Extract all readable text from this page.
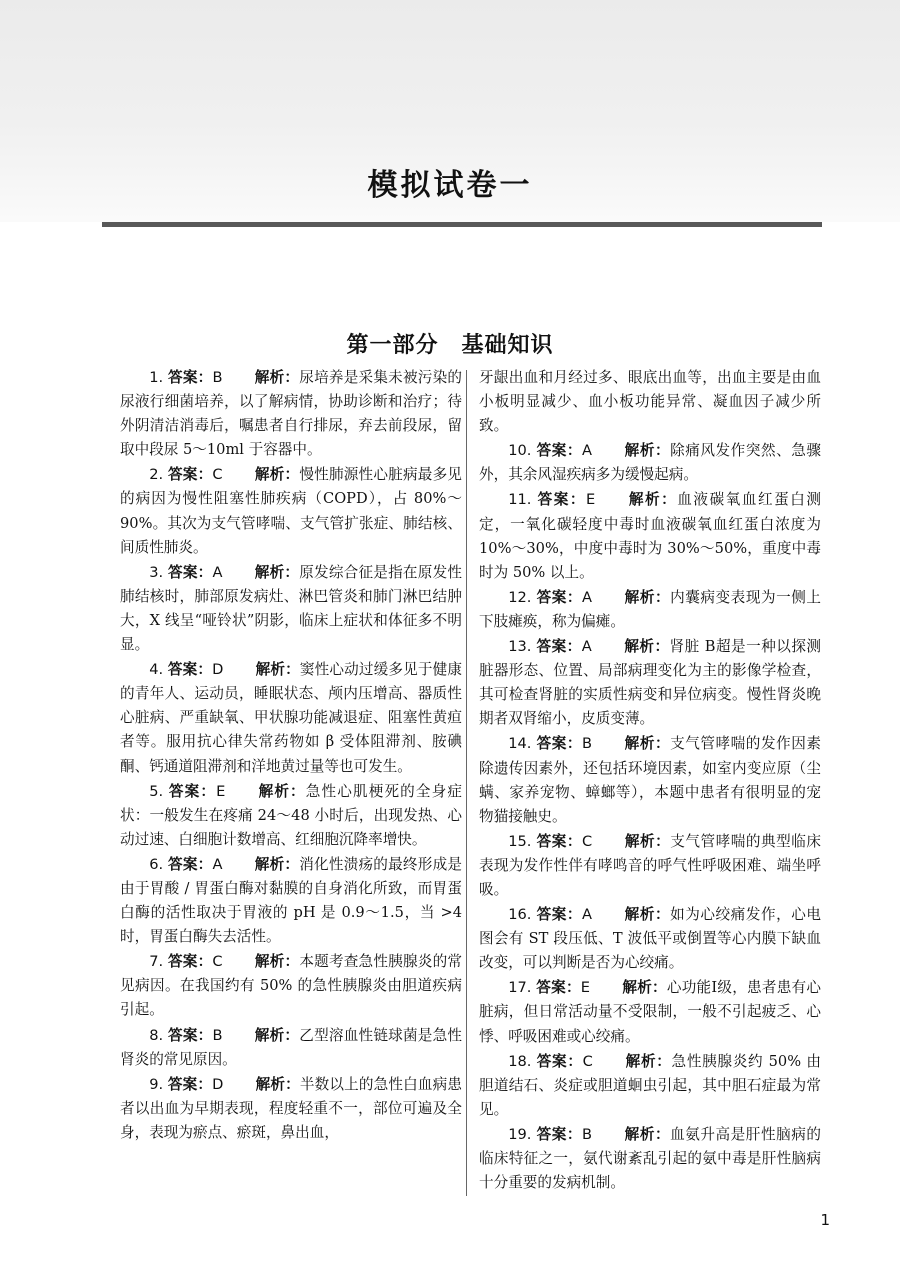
模拟试卷一
第一部分　基础知识

1. 答案：B 解析：尿培养是采集未被污染的尿液行细菌培养，以了解病情，协助诊断和治疗；待外阴清洁消毒后，嘱患者自行排尿，弃去前段尿，留取中段尿 5～10ml 于容器中。

2. 答案：C 解析：慢性肺源性心脏病最多见的病因为慢性阻塞性肺疾病（COPD），占 80%～90%。其次为支气管哮喘、支气管扩张症、肺结核、间质性肺炎。

3. 答案：A 解析：原发综合征是指在原发性肺结核时，肺部原发病灶、淋巴管炎和肺门淋巴结肿大，X 线呈“哑铃状”阴影，临床上症状和体征多不明显。

4. 答案：D 解析：窦性心动过缓多见于健康的青年人、运动员，睡眠状态、颅内压增高、器质性心脏病、严重缺氧、甲状腺功能减退症、阻塞性黄疸者等。服用抗心律失常药物如 β 受体阻滞剂、胺碘酮、钙通道阻滞剂和洋地黄过量等也可发生。

5. 答案：E 解析：急性心肌梗死的全身症状：一般发生在疼痛 24～48 小时后，出现发热、心动过速、白细胞计数增高、红细胞沉降率增快。

6. 答案：A 解析：消化性溃疡的最终形成是由于胃酸 / 胃蛋白酶对黏膜的自身消化所致，而胃蛋白酶的活性取决于胃液的 pH 是 0.9～1.5，当 >4 时，胃蛋白酶失去活性。

7. 答案：C 解析：本题考查急性胰腺炎的常见病因。在我国约有 50% 的急性胰腺炎由胆道疾病引起。

8. 答案：B 解析：乙型溶血性链球菌是急性肾炎的常见原因。

9. 答案：D 解析：半数以上的急性白血病患者以出血为早期表现，程度轻重不一，部位可遍及全身，表现为瘀点、瘀斑，鼻出血，

牙龈出血和月经过多、眼底出血等，出血主要是由血小板明显减少、血小板功能异常、凝血因子减少所致。

10. 答案：A 解析：除痛风发作突然、急骤外，其余风湿疾病多为缓慢起病。

11. 答案：E 解析：血液碳氧血红蛋白测定，一氧化碳轻度中毒时血液碳氧血红蛋白浓度为 10%～30%，中度中毒时为 30%～50%，重度中毒时为 50% 以上。

12. 答案：A 解析：内囊病变表现为一侧上下肢瘫痪，称为偏瘫。

13. 答案：A 解析：肾脏 B超是一种以探测脏器形态、位置、局部病理变化为主的影像学检查，其可检查肾脏的实质性病变和异位病变。慢性肾炎晚期者双肾缩小，皮质变薄。

14. 答案：B 解析：支气管哮喘的发作因素除遗传因素外，还包括环境因素，如室内变应原（尘螨、家养宠物、蟑螂等），本题中患者有很明显的宠物猫接触史。

15. 答案：C 解析：支气管哮喘的典型临床表现为发作性伴有哮鸣音的呼气性呼吸困难、端坐呼吸。

16. 答案：A 解析：如为心绞痛发作，心电图会有 ST 段压低、T 波低平或倒置等心内膜下缺血改变，可以判断是否为心绞痛。

17. 答案：E 解析：心功能Ⅰ级，患者患有心脏病，但日常活动量不受限制，一般不引起疲乏、心悸、呼吸困难或心绞痛。

18. 答案：C 解析：急性胰腺炎约 50% 由胆道结石、炎症或胆道蛔虫引起，其中胆石症最为常见。

19. 答案：B 解析：血氨升高是肝性脑病的临床特征之一，氨代谢紊乱引起的氨中毒是肝性脑病十分重要的发病机制。

1
